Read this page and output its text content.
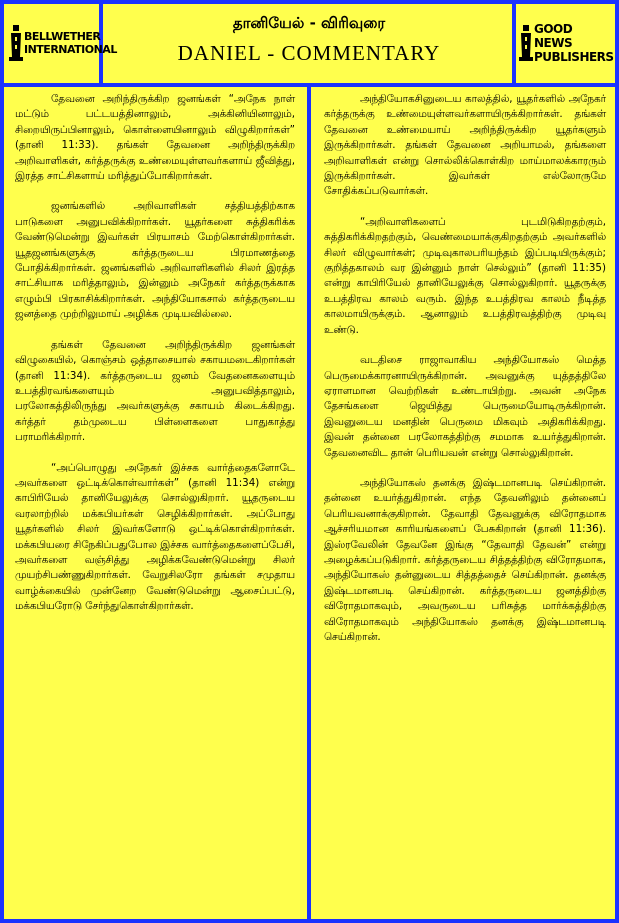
BELLWETHER
INTERNATIONAL
தானியேல் - விரிவுரை
DANIEL - COMMENTARY
GOOD NEWS
PUBLISHERS

தேவனை அறிந்திருக்கிற ஜனங்கள் “அநேக நாள் மட்டும் பட்டயத்தினாலும், அக்கினியினாலும், சிறையிருப்பினாலும், கொள்ளையினாலும் விழுகிறார்கள்” (தானி 11:33). தங்கள் தேவனை அறிந்திருக்கிற அறிவாளிகள், கர்த்தருக்கு உண்மையுள்ளவர்களாய் ஜீவித்து, இரத்த சாட்சிகளாய் மரித்துப்போகிறார்கள்.

ஜனங்களில் அறிவாளிகள் சத்தியத்திற்காக பாடுகளை அனுபவிக்கிறார்கள். யூதர்களை சுத்திகரிக்க வேண்டுமென்று இவர்கள் பிரயாசம் மேற்கொள்கிறார்கள். யூதஜனங்களுக்கு கர்த்தருடைய பிரமாணத்தை போதிக்கிறார்கள். ஜனங்களில் அறிவாளிகளில் சிலர் இரத்த சாட்சியாக மரித்தாலும், இன்னும் அநேகர் கர்த்தருக்காக எழும்பி பிரகாசிக்கிறார்கள். அந்தியோகசால் கர்த்தருடைய ஜனத்தை முற்றிலுமாய் அழிக்க முடியவில்லை.

தங்கள் தேவனை அறிந்திருக்கிற ஜனங்கள் விழுகையில், கொஞ்சம் ஒத்தாசையால் சகாயமடைகிறார்கள் (தானி 11:34). கர்த்தருடைய ஜனம் வேதனைகளையும் உபத்திரவங்களையும் அனுபவித்தாலும், பரலோகத்திலிருந்து அவர்களுக்கு சகாயம் கிடைக்கிறது. கர்த்தர் தம்முடைய பிள்ளைகளை பாதுகாத்து பராமரிக்கிறார்.

“அப்பொழுது அநேகர் இச்சக வார்த்தைகளோடே அவர்களை ஒட்டிக்கொள்வார்கள்” (தானி 11:34) என்று காபிரியேல் தானியேலுக்கு சொல்லுகிறார். யூதருடைய வரலாற்றில் மக்கபியர்கள் செழிக்கிறார்கள். அப்போது யூதர்களில் சிலர் இவர்களோடு ஒட்டிக்கொள்கிறார்கள். மக்கபியரை சிநேகிப்பதுபோல இச்சக வார்த்தைகளைப்பேசி, அவர்களை வஞ்சித்து அழிக்கவேண்டுமென்று சிலர் முயற்சிபண்ணுகிறார்கள். வேறுசிலரோ தங்கள் சமுதாய வாழ்க்கையில் முன்னேற வேண்டுமென்று ஆசைப்பட்டு, மக்கபியரோடு சேர்ந்துகொள்கிறார்கள்.

அந்தியோகசினுடைய காலத்தில், யூதர்களில் அநேகர் கர்த்தருக்கு உண்மையுள்ளவர்களாயிருக்கிறார்கள். தங்கள் தேவனை உண்மையாய் அறிந்திருக்கிற யூதர்களும் இருக்கிறார்கள். தங்கள் தேவனை அறியாமல், தங்களை அறிவாளிகள் என்று சொல்லிக்கொள்கிற மாய்மாலக்காரரும் இருக்கிறார்கள். இவர்கள் எல்லோருமே சோதிக்கப்படுவார்கள்.

“அறிவாளிகளைப் புடமிடுகிறதற்கும், சுத்திகரிக்கிறதற்கும், வெண்மையாக்குகிறதற்கும் அவர்களில் சிலர் விழுவார்கள்; முடிவுகாலபரியந்தம் இப்படியிருக்கும்; குறித்தகாலம் வர இன்னும் நாள் செல்லும்” (தானி 11:35) என்று காபிரியேல் தானியேலுக்கு சொல்லுகிறார். யூதருக்கு உபத்திரவ காலம் வரும். இந்த உபத்திரவ காலம் நீடித்த காலமாயிருக்கும். ஆனாலும் உபத்திரவத்திற்கு முடிவு உண்டு.

வடதிசை ராஜாவாகிய அந்தியோகஸ் மெத்த பெருமைக்காரனாயிருக்கிறான். அவனுக்கு யுத்தத்திலே ஏராளமான வெற்றிகள் உண்டாயிற்று. அவன் அநேக தேசங்களை ஜெயித்து பெருமையோடிருக்கிறான். இவனுடைய மனதின் பெருமை மிகவும் அதிகரிக்கிறது. இவன் தன்னை பரலோகத்திற்கு சமமாக உயர்த்துகிறான். தேவனைவிட தான் பெரியவன் என்று சொல்லுகிறான்.

அந்தியோகஸ் தனக்கு இஷ்டமானபடி செய்கிறான். தன்னை உயர்த்துகிறான். எந்த தேவனிலும் தன்னைப் பெரியவனாக்குகிறான். தேவாதி தேவனுக்கு விரோதமாக ஆச்சரியமான காரியங்களைப் பேசுகிறான் (தானி 11:36). இஸ்ரவேலின் தேவனே இங்கு “தேவாதி தேவன்” என்று அழைக்கப்படுகிறார். கர்த்தருடைய சித்தத்திற்கு விரோதமாக, அந்தியோகஸ் தன்னுடைய சித்தத்தைச் செய்கிறான். தனக்கு இஷ்டமானபடி செய்கிறான். கர்த்தருடைய ஜனத்திற்கு விரோதமாகவும், அவருடைய பரிசுத்த மார்க்கத்திற்கு விரோதமாகவும் அந்தியோகஸ் தனக்கு இஷ்டமானபடி செய்கிறான்.
